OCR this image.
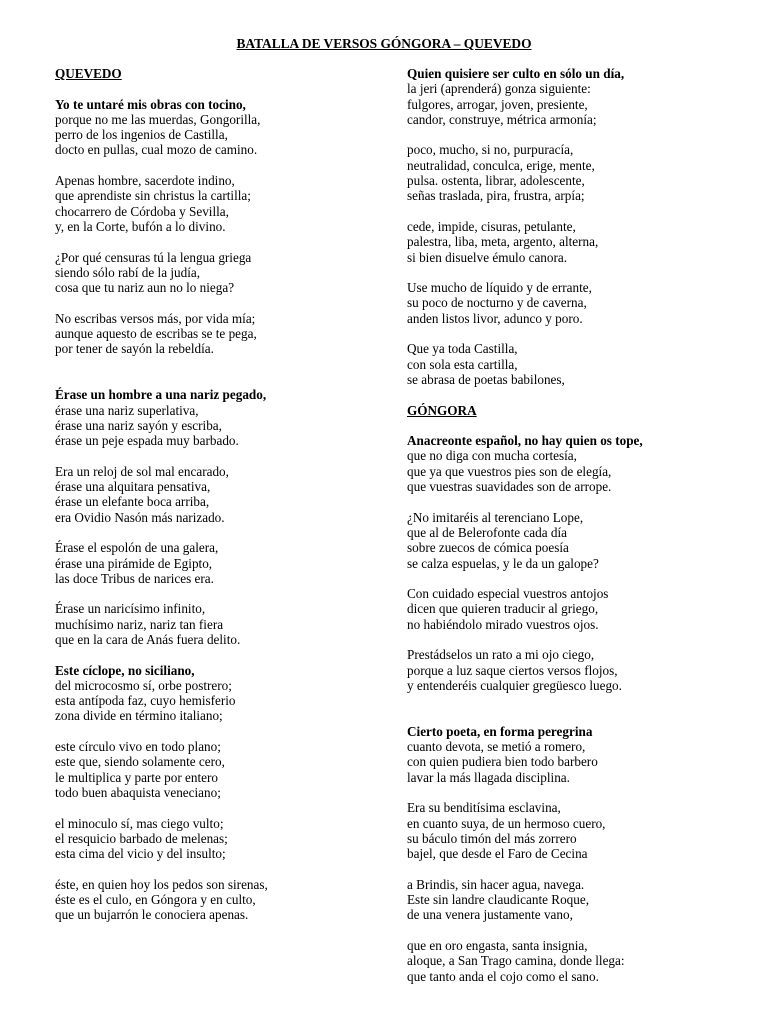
BATALLA DE VERSOS GÓNGORA – QUEVEDO
QUEVEDO
Yo te untaré mis obras con tocino,
porque no me las muerdas, Gongorilla,
perro de los ingenios de Castilla,
docto en pullas, cual mozo de camino.
Apenas hombre, sacerdote indino,
que aprendiste sin christus la cartilla;
chocarrero de Córdoba y Sevilla,
y, en la Corte, bufón a lo divino.
¿Por qué censuras tú la lengua griega
siendo sólo rabí de la judía,
cosa que tu nariz aun no lo niega?
No escribas versos más, por vida mía;
aunque aquesto de escribas se te pega,
por tener de sayón la rebeldía.
Érase un hombre a una nariz pegado,
érase una nariz superlativa,
érase una nariz sayón y escriba,
érase un peje espada muy barbado.
Era un reloj de sol mal encarado,
érase una alquitara pensativa,
érase un elefante boca arriba,
era Ovidio Nasón más narizado.
Érase el espolón de una galera,
érase una pirámide de Egipto,
las doce Tribus de narices era.
Érase un naricísimo infinito,
muchísimo nariz, nariz tan fiera
que en la cara de Anás fuera delito.
Este cíclope, no siciliano,
del microcosmo sí, orbe postrero;
esta antípoda faz, cuyo hemisferio
zona divide en término italiano;
este círculo vivo en todo plano;
este que, siendo solamente cero,
le multiplica y parte por entero
todo buen abaquista veneciano;
el minoculo sí, mas ciego vulto;
el resquicio barbado de melenas;
esta cima del vicio y del insulto;
éste, en quien hoy los pedos son sirenas,
éste es el culo, en Góngora y en culto,
que un bujarrón le conociera apenas.
Quien quisiere ser culto en sólo un día,
la jeri (aprenderá) gonza siguiente:
fulgores, arrogar, joven, presiente,
candor, construye, métrica armonía;
poco, mucho, si no, purpuracía,
neutralidad, conculca, erige, mente,
pulsa. ostenta, librar, adolescente,
señas traslada, pira, frustra, arpía;
cede, impide, cisuras, petulante,
palestra, liba, meta, argento, alterna,
si bien disuelve émulo canora.
Use mucho de líquido y de errante,
su poco de nocturno y de caverna,
anden listos livor, adunco y poro.
Que ya toda Castilla,
con sola esta cartilla,
se abrasa de poetas babilones,
GÓNGORA
Anacreonte español, no hay quien os tope,
que no diga con mucha cortesía,
que ya que vuestros pies son de elegía,
que vuestras suavidades son de arrope.
¿No imitaréis al terenciano Lope,
que al de Belerofonte cada día
sobre zuecos de cómica poesía
se calza espuelas, y le da un galope?
Con cuidado especial vuestros antojos
dicen que quieren traducir al griego,
no habiéndolo mirado vuestros ojos.
Prestádselos un rato a mi ojo ciego,
porque a luz saque ciertos versos flojos,
y entenderéis cualquier gregüesco luego.
Cierto poeta, en forma peregrina
cuanto devota, se metió a romero,
con quien pudiera bien todo barbero
lavar la más llagada disciplina.
Era su benditísima esclavina,
en cuanto suya, de un hermoso cuero,
su báculo timón del más zorrero
bajel, que desde el Faro de Cecina
a Brindis, sin hacer agua, navega.
Este sin landre claudicante Roque,
de una venera justamente vano,
que en oro engasta, santa insignia,
aloque, a San Trago camina, donde llega:
que tanto anda el cojo como el sano.
